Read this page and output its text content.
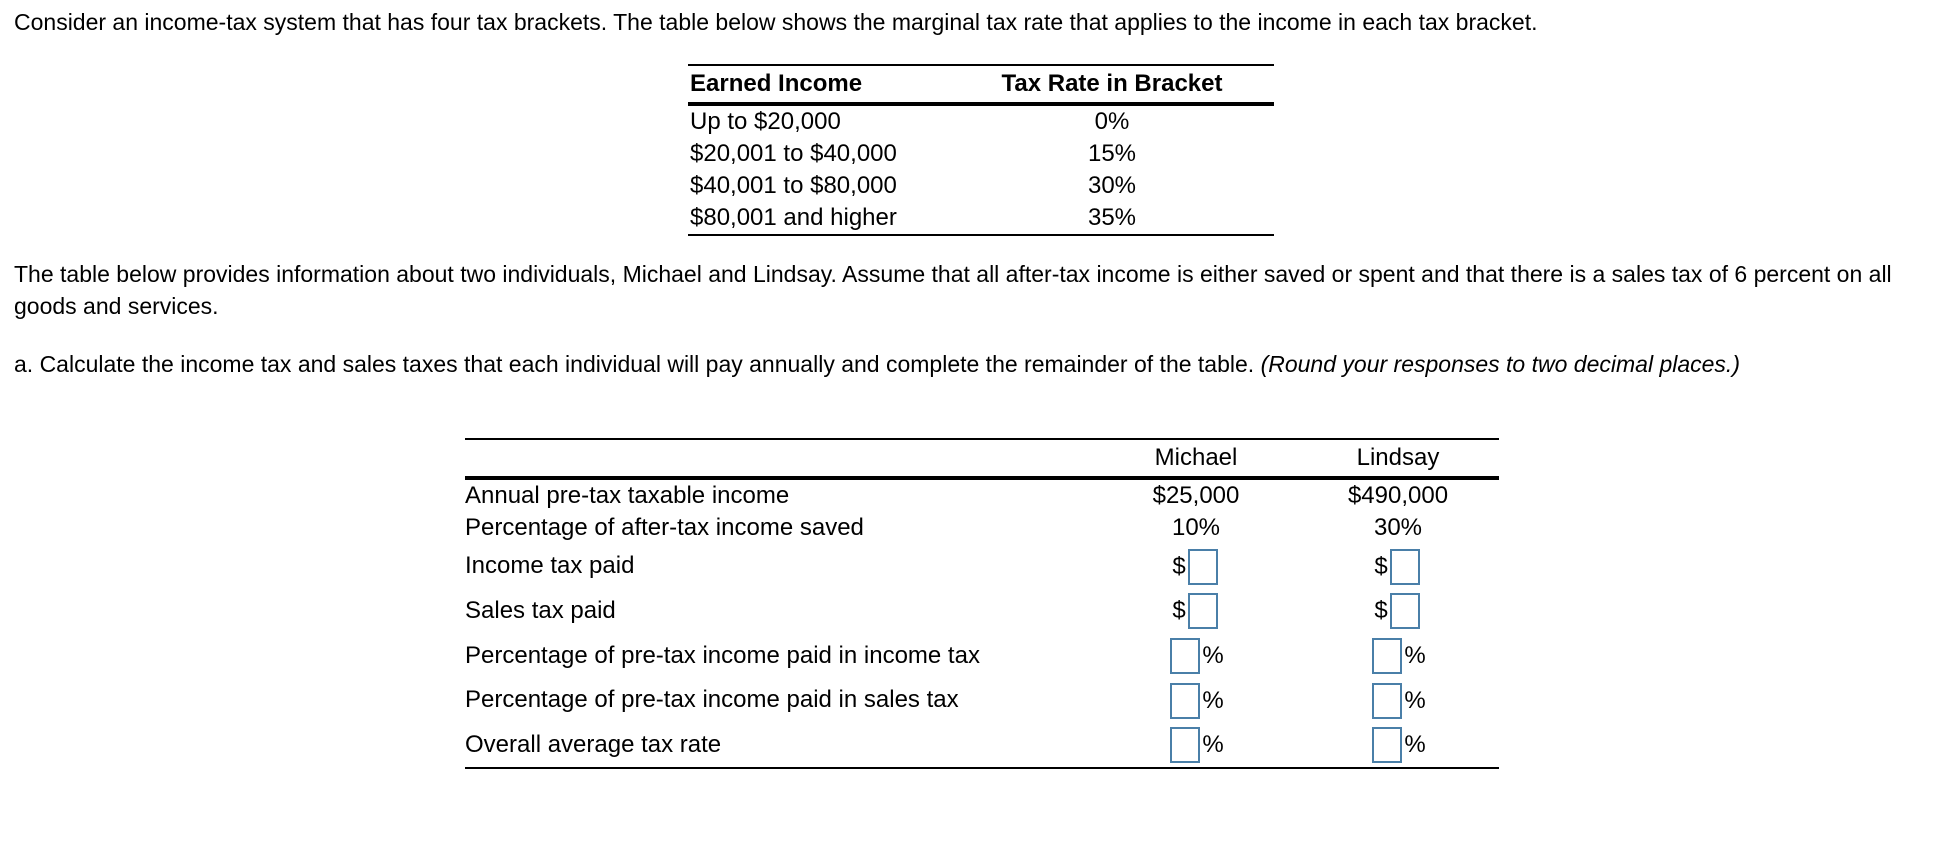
Consider an income-tax system that has four tax brackets. The table below shows the marginal tax rate that applies to the income in each tax bracket.

Earned Income	Tax Rate in Bracket
Up to $20,000	0%
$20,001 to $40,000	15%
$40,001 to $80,000	30%
$80,001 and higher	35%

The table below provides information about two individuals, Michael and Lindsay. Assume that all after-tax income is either saved or spent and that there is a sales tax of 6 percent on all goods and services.

a. Calculate the income tax and sales taxes that each individual will pay annually and complete the remainder of the table. (Round your responses to two decimal places.)

	Michael	Lindsay
Annual pre-tax taxable income	$25,000	$490,000
Percentage of after-tax income saved	10%	30%
Income tax paid	$	$

Sales tax paid	$	$

Percentage of pre-tax income paid in income tax	%	%

Percentage of pre-tax income paid in sales tax	%	%

Overall average tax rate	%	%
